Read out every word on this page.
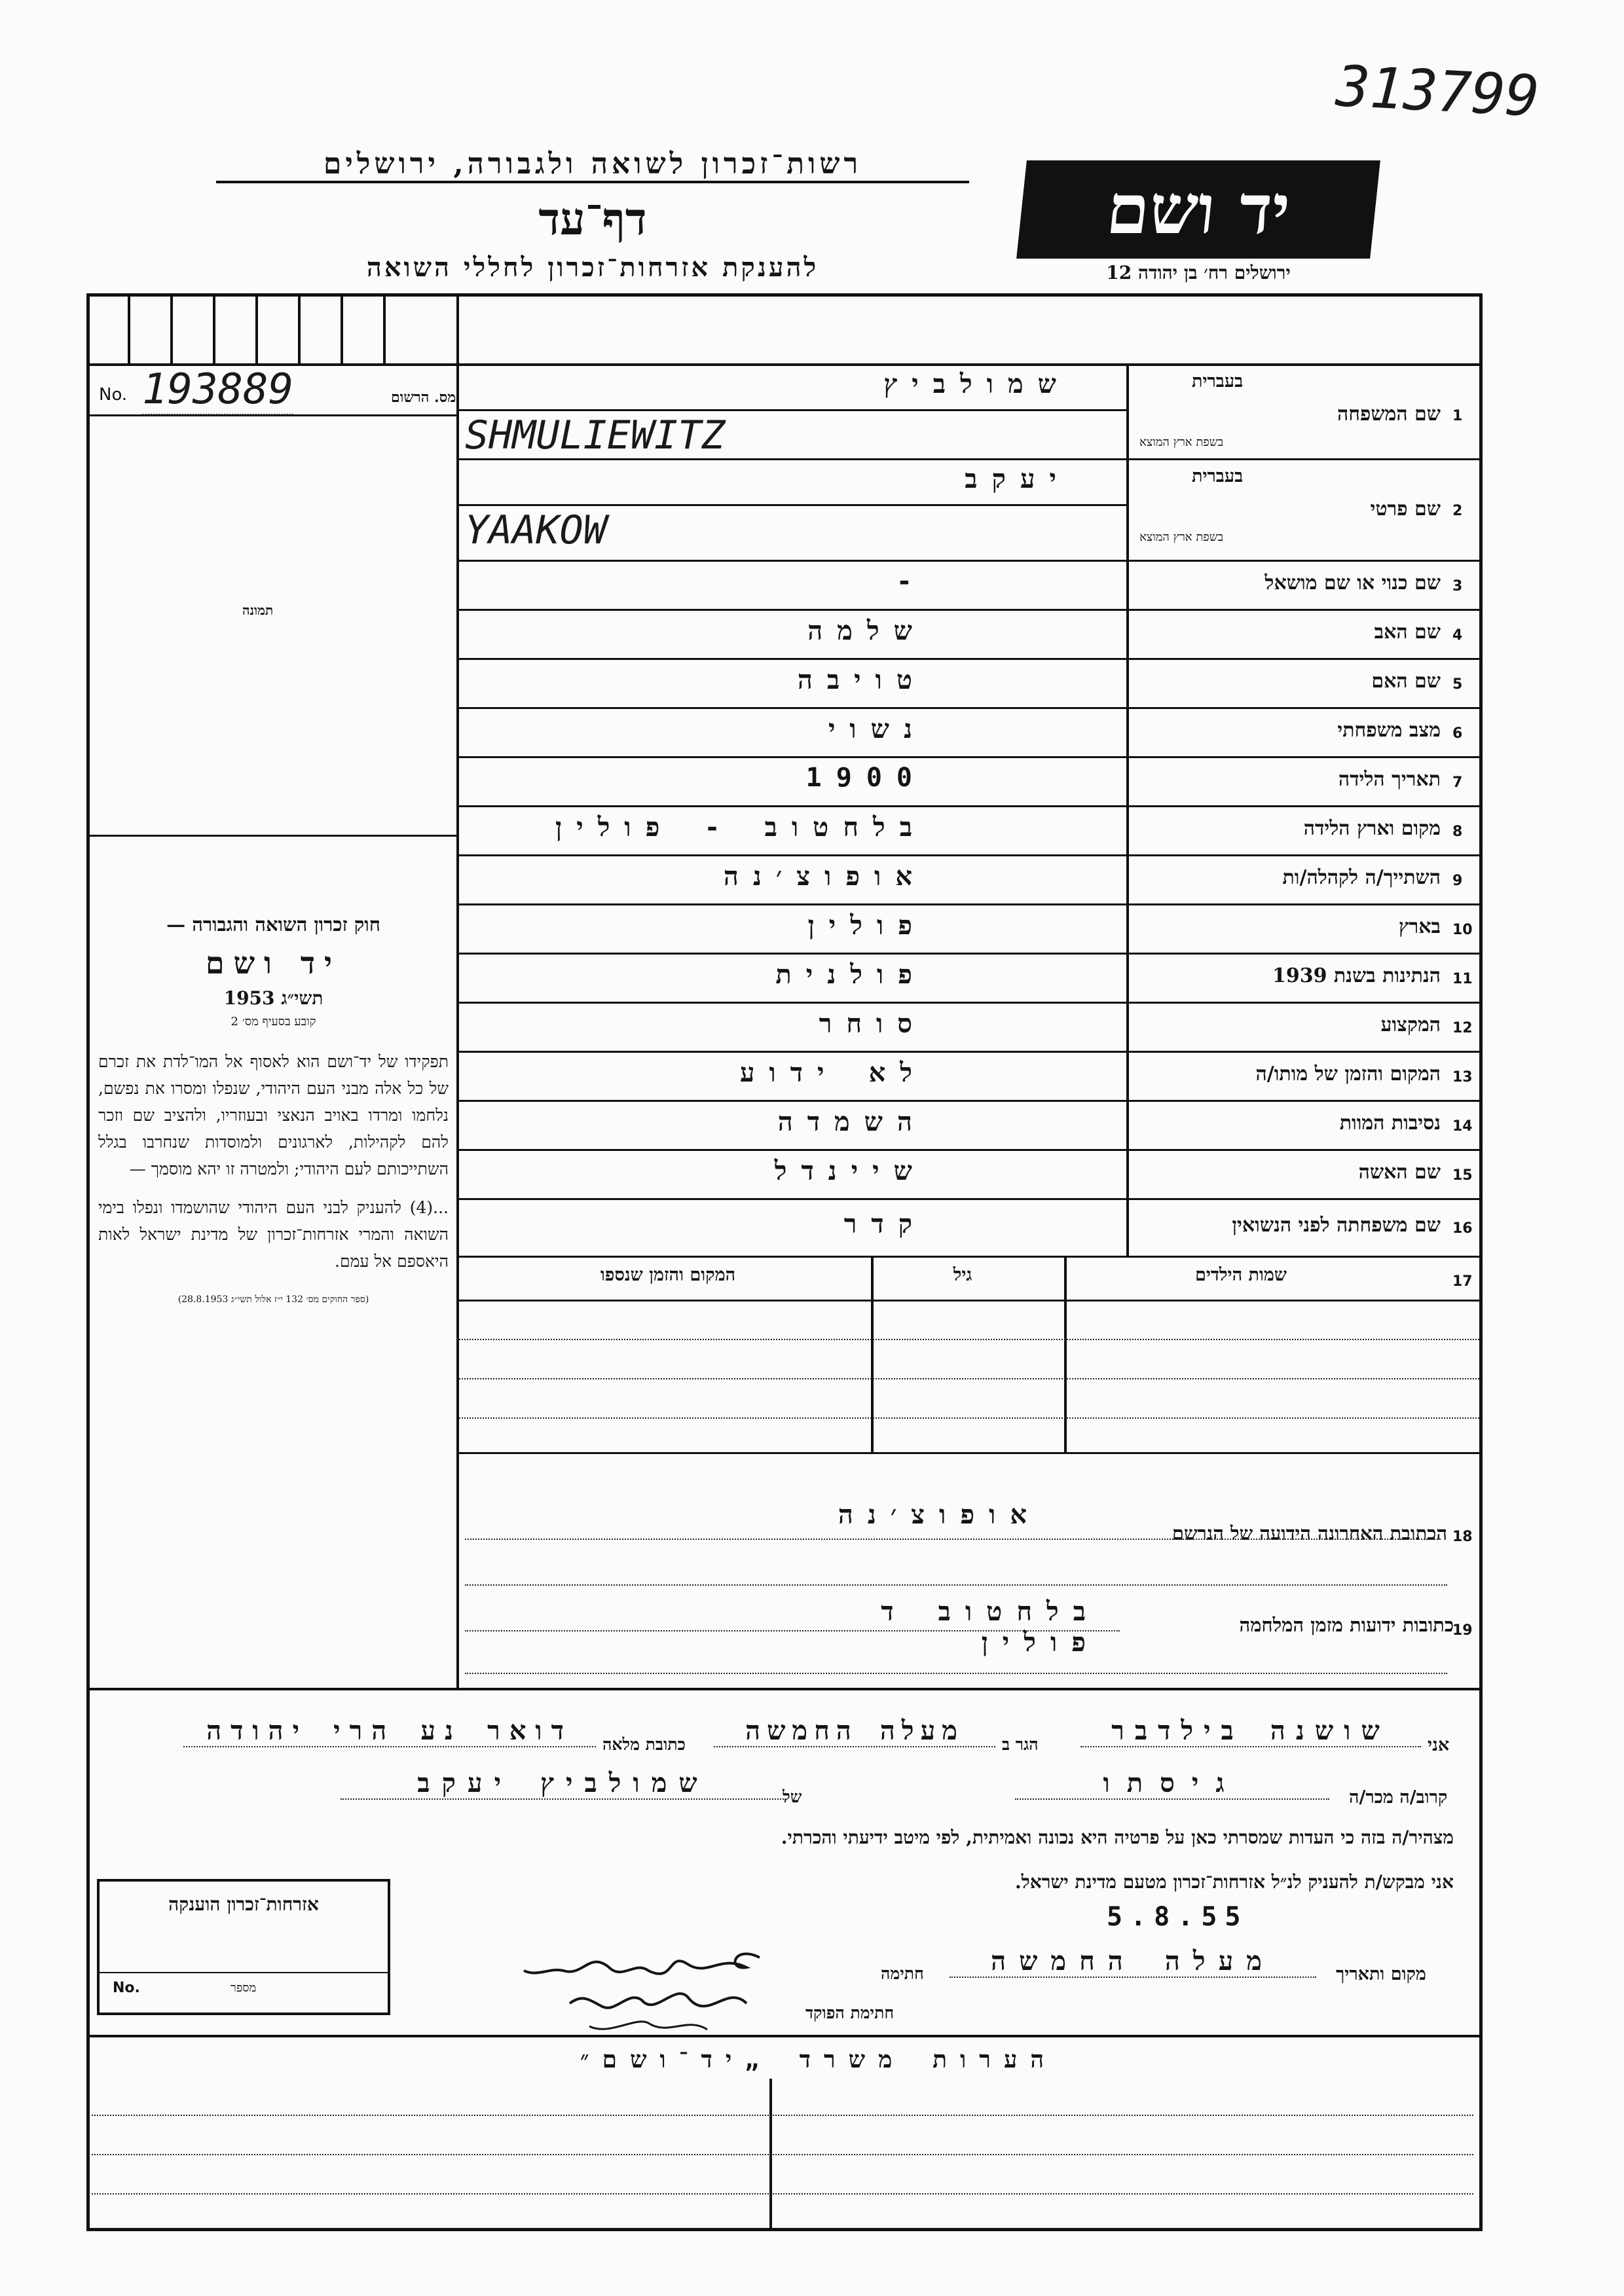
313799
רשות־זכרון לשואה ולגבורה, ירושלים
דף־עד
להענקת אזרחות־זכרון לחללי השואה
יד ושם
ירושלים רח׳ בן יהודה 12
No. 193889	מס. הרשום
תמונה

חוק זכרון השואה והגבורה —

יד ושם

תשי״ג 1953

קובע בסעיף מס׳ 2

תפקידו של יד־ושם הוא לאסוף אל המו־לדת את זכרם של כל אלה מבני העם היהודי, שנפלו ומסרו את נפשם, נלחמו ומרדו באויב הנאצי ובעוזריו, ולהציב שם וזכר להם לקהילות, לארגונים ולמוסדות שנחרבו בגלל השתייכותם לעם היהודי; ולמטרה זו יהא מוסמך —

...(4) להעניק לבני העם היהודי שהושמדו ונפלו בימי השואה והמרי אזרחות־זכרון של מדינת ישראל לאות היאספם אל עמם.

(ספר החוקים מס׳ 132 י״ז אלול תשי״ג 28.8.1953)

1
שם המשפחה
בעברית
בשפת ארץ המוצא
שמולביץ
SHMULIEWITZ
2
שם פרטי
בעברית
בשפת ארץ המוצא
יעקב
YAAKOW
3
שם כנוי או שם מושאל
-
4
שם האב
שלמה
5
שם האם
טויבה
6
מצב משפחתי
נשוי
7
תאריך הלידה
1900
8
מקום וארץ הלידה
בלחטוב - פולין
9
השתייך/ה לקהלה/ות
אופוצ׳נה
10
בארץ
פולין
11
הנתינות בשנת 1939
פולנית
12
המקצוע
סוחר
13
המקום והזמן של מותו/ה
לא ידוע
14
נסיבות המוות
השמדה
15
שם האשה
שיינדל
16
שם משפחתה לפני הנשואין
קדר
17
שמות הילדים
גיל
המקום והזמן שנספו
18
הכתובת האחרונה הידועה של הנרשם
אופוצ׳נה
19
כתובות ידועות מזמן המלחמה
בלחטוב ד פולין
אני
שושנה בילדבר
הגר ב
מעלה החמשה
כתובת מלאה
דואר נע הרי יהודה
קרוב/ה מכר/ה
גיסתו
של
שמולביץ יעקב
מצהיר/ה בזה כי העדות שמסרתי כאן על פרטיה היא נכונה ואמיתית, לפי מיטב ידיעתי והכרתי.
אני מבקש/ת להעניק לנ״ל אזרחות־זכרון מטעם מדינת ישראל.
5.8.55
מקום ותאריך
מעלה החמשה
חתימה
חתימת הפוקד
אזרחות־זכרון הוענקה
No.	מספר
הערות משרד „יד־ושם״
